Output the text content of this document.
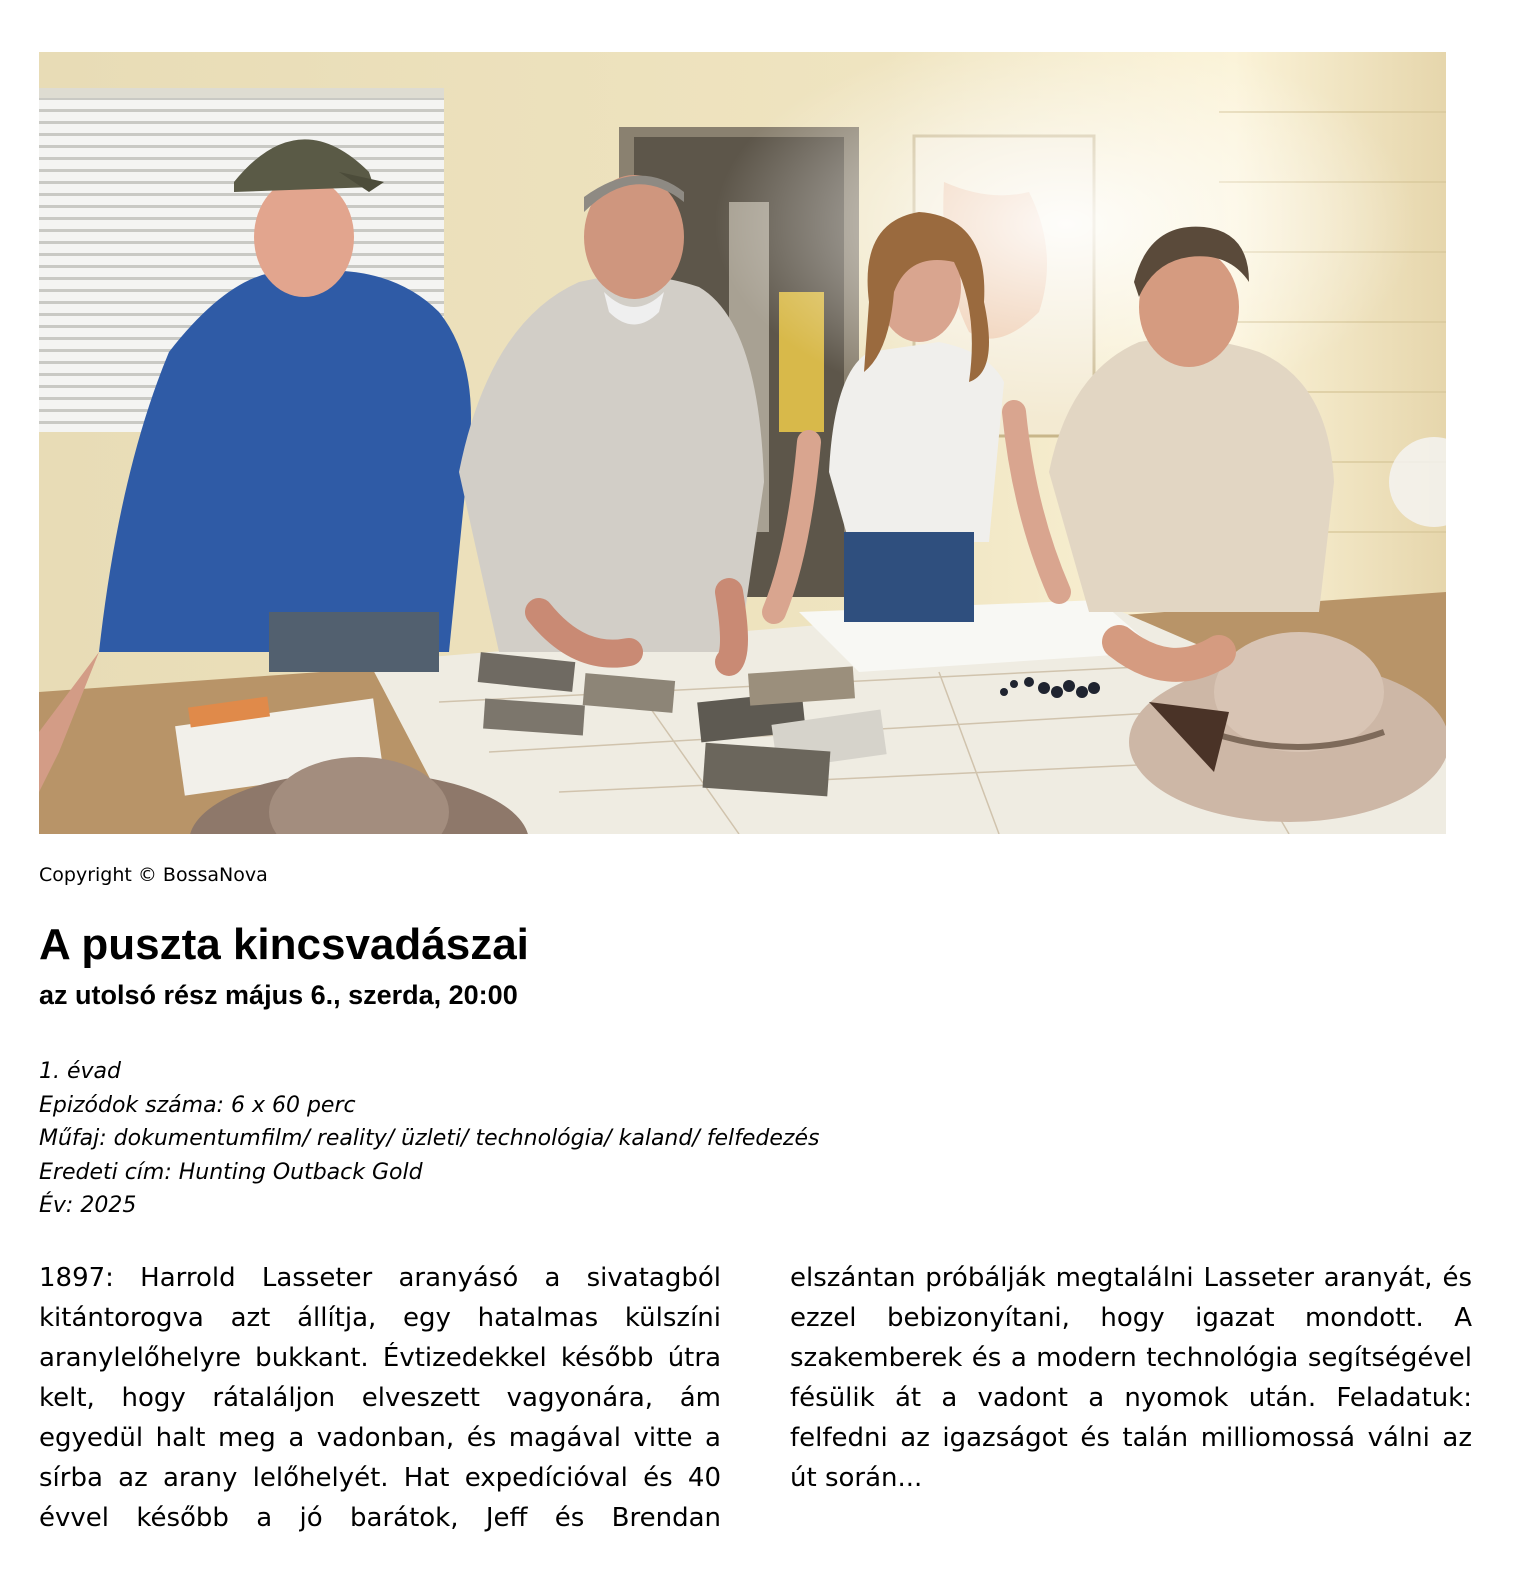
Copyright © BossaNova
A puszta kincsvadászai
az utolsó rész május 6., szerda, 20:00
1. évad
Epizódok száma: 6 x 60 perc
Műfaj: dokumentumfilm/ reality/ üzleti/ technológia/ kaland/ felfedezés
Eredeti cím: Hunting Outback Gold
Év: 2025
1897: Harrold Lasseter aranyásó a sivatagból kitántorogva azt állítja, egy hatalmas külszíni aranylelőhelyre bukkant. Évtizedekkel később útra kelt, hogy rátaláljon elveszett vagyonára, ám egyedül halt meg a vadonban, és magával vitte a sírba az arany lelőhelyét. Hat expedícióval és 40 évvel később a jó barátok, Jeff és Brendan
elszántan próbálják megtalálni Lasseter aranyát, és ezzel bebizonyítani, hogy igazat mondott. A szakemberek és a modern technológia segítségével fésülik át a vadont a nyomok után. Feladatuk: felfedni az igazságot és talán milliomossá válni az út során...
